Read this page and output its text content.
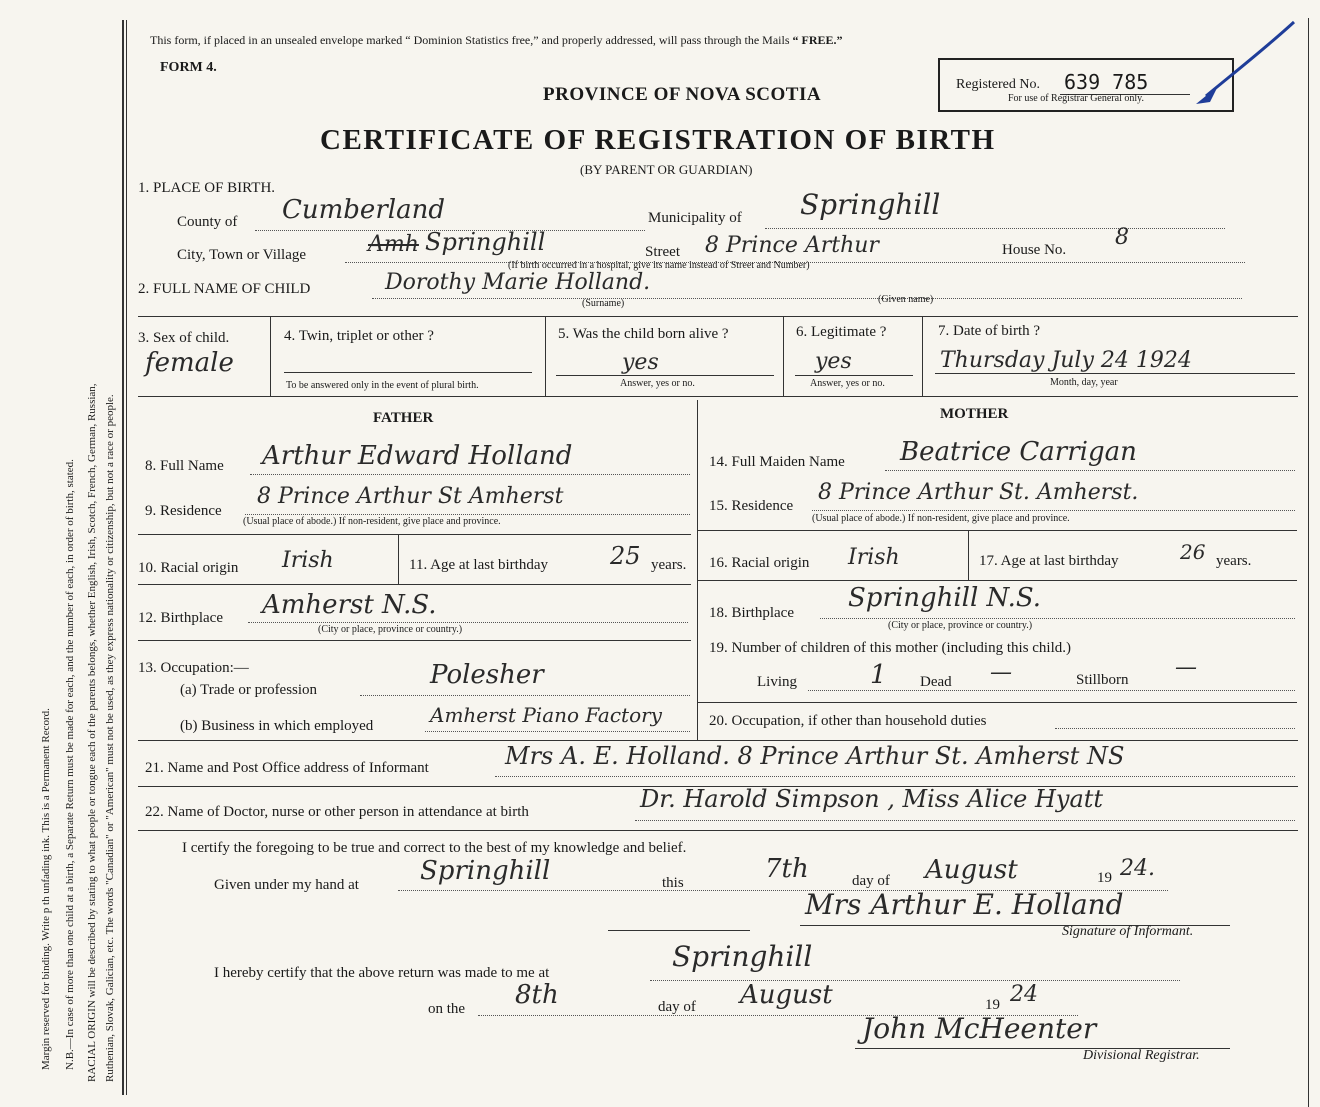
Margin reserved for binding. Write p th unfading ink. This is a Permanent Record. N.B.—In case of more than one child at a birth, a Separate Return must be made for each, and the number of each, in order of birth, stated. RACIAL ORIGIN will be described by stating to what people or tongue each of the parents belongs, whether English, Irish, Scotch, French, German, Russian, Ruthenian, Slovak, Galician, etc. The words "Canadian" or "American" must not be used, as they express nationality or citizenship, but not a race or people.
This form, if placed in an unsealed envelope marked “ Dominion Statistics free,” and properly addressed, will pass through the Mails “ FREE.”
FORM 4.
PROVINCE OF NOVA SCOTIA
CERTIFICATE OF REGISTRATION OF BIRTH
(BY PARENT OR GUARDIAN)
Registered No. 639 785
For use of Registrar General only.
1. PLACE OF BIRTH.
County of Cumberland	Municipality of Springhill
City, Town or Village	Amh Springhill	Street 8 Prince Arthur	House No. 8
(If birth occurred in a hospital, give its name instead of Street and Number)
2. FULL NAME OF CHILD	Dorothy Marie Holland.
(Surname)	(Given name)
3. Sex of child.
female
4. Twin, triplet or other ?
To be answered only in the event of plural birth.
5. Was the child born alive ?
yes
Answer, yes or no.
6. Legitimate ?
yes
Answer, yes or no.
7. Date of birth ?
Thursday July 24 1924
Month, day, year
FATHER	MOTHER
8. Full Name Arthur Edward Holland
9. Residence
8 Prince Arthur St Amherst
(Usual place of abode.) If non-resident, give place and province.
10. Racial origin Irish	11. Age at last birthday	25 years.
12. Birthplace Amherst N.S.
(City or place, province or country.)
13. Occupation:—
(a) Trade or profession	Polesher
(b) Business in which employed	Amherst Piano Factory
14. Full Maiden Name Beatrice Carrigan
15. Residence
8 Prince Arthur St. Amherst.
(Usual place of abode.) If non-resident, give place and province.
16. Racial origin Irish	17. Age at last birthday	26 years.
18. Birthplace Springhill N.S.
(City or place, province or country.)
19. Number of children of this mother (including this child.)
Living	1 Dead —	Stillborn —
20. Occupation, if other than household duties
21. Name and Post Office address of Informant	Mrs A. E. Holland. 8 Prince Arthur St. Amherst NS
22. Name of Doctor, nurse or other person in attendance at birth	Dr. Harold Simpson , Miss Alice Hyatt
I certify the foregoing to be true and correct to the best of my knowledge and belief.
Given under my hand at Springhill	this	7th	day of August	19 24.
Mrs Arthur E. Holland
Signature of Informant.
I hereby certify that the above return was made to me at	Springhill
on the 8th	day of August	19 24
John McHeenter
Divisional Registrar.
